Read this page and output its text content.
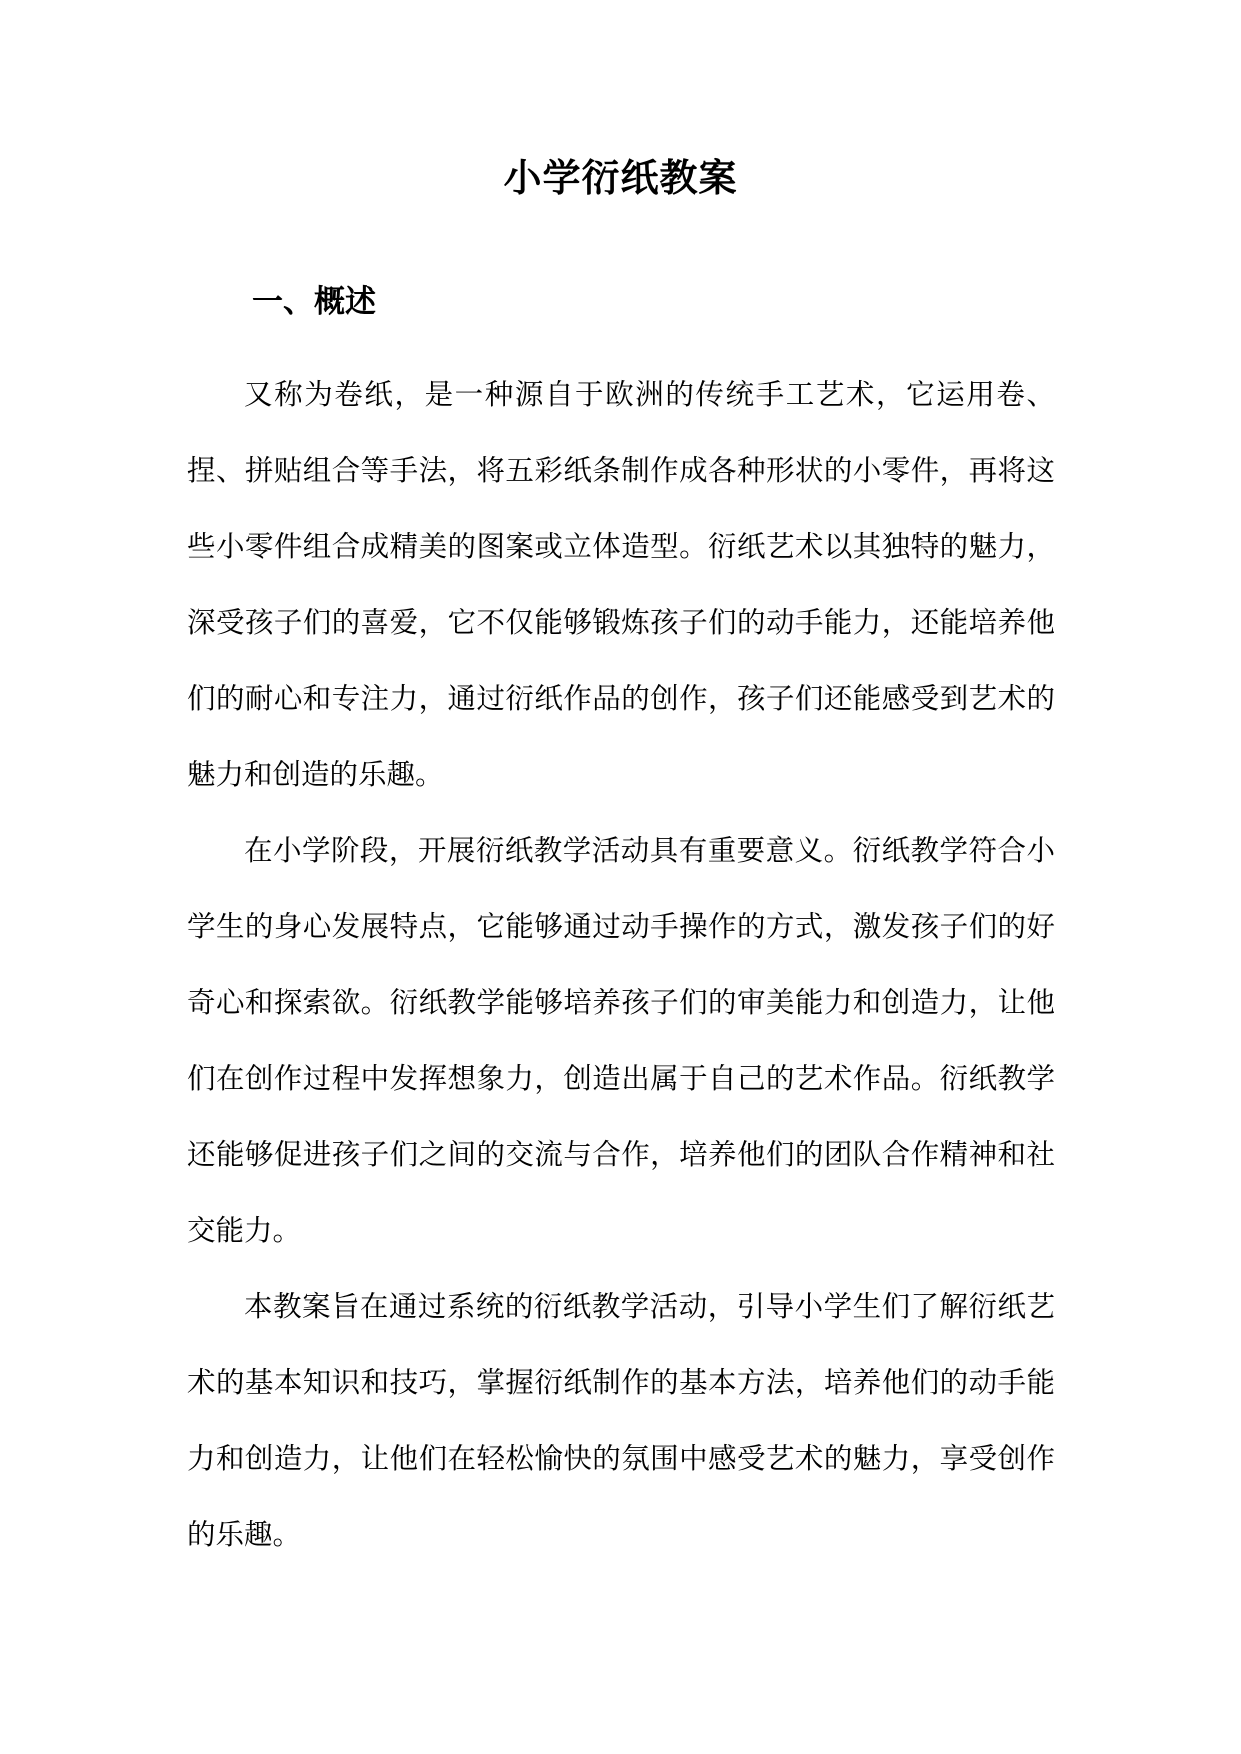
小学衍纸教案
一、概述

又称为卷纸，是一种源自于欧洲的传统手工艺术，它运用卷、捏、拼贴组合等手法，将五彩纸条制作成各种形状的小零件，再将这些小零件组合成精美的图案或立体造型。衍纸艺术以其独特的魅力，深受孩子们的喜爱，它不仅能够锻炼孩子们的动手能力，还能培养他们的耐心和专注力，通过衍纸作品的创作，孩子们还能感受到艺术的魅力和创造的乐趣。

在小学阶段，开展衍纸教学活动具有重要意义。衍纸教学符合小学生的身心发展特点，它能够通过动手操作的方式，激发孩子们的好奇心和探索欲。衍纸教学能够培养孩子们的审美能力和创造力，让他们在创作过程中发挥想象力，创造出属于自己的艺术作品。衍纸教学还能够促进孩子们之间的交流与合作，培养他们的团队合作精神和社交能力。

本教案旨在通过系统的衍纸教学活动，引导小学生们了解衍纸艺术的基本知识和技巧，掌握衍纸制作的基本方法，培养他们的动手能力和创造力，让他们在轻松愉快的氛围中感受艺术的魅力，享受创作的乐趣。
